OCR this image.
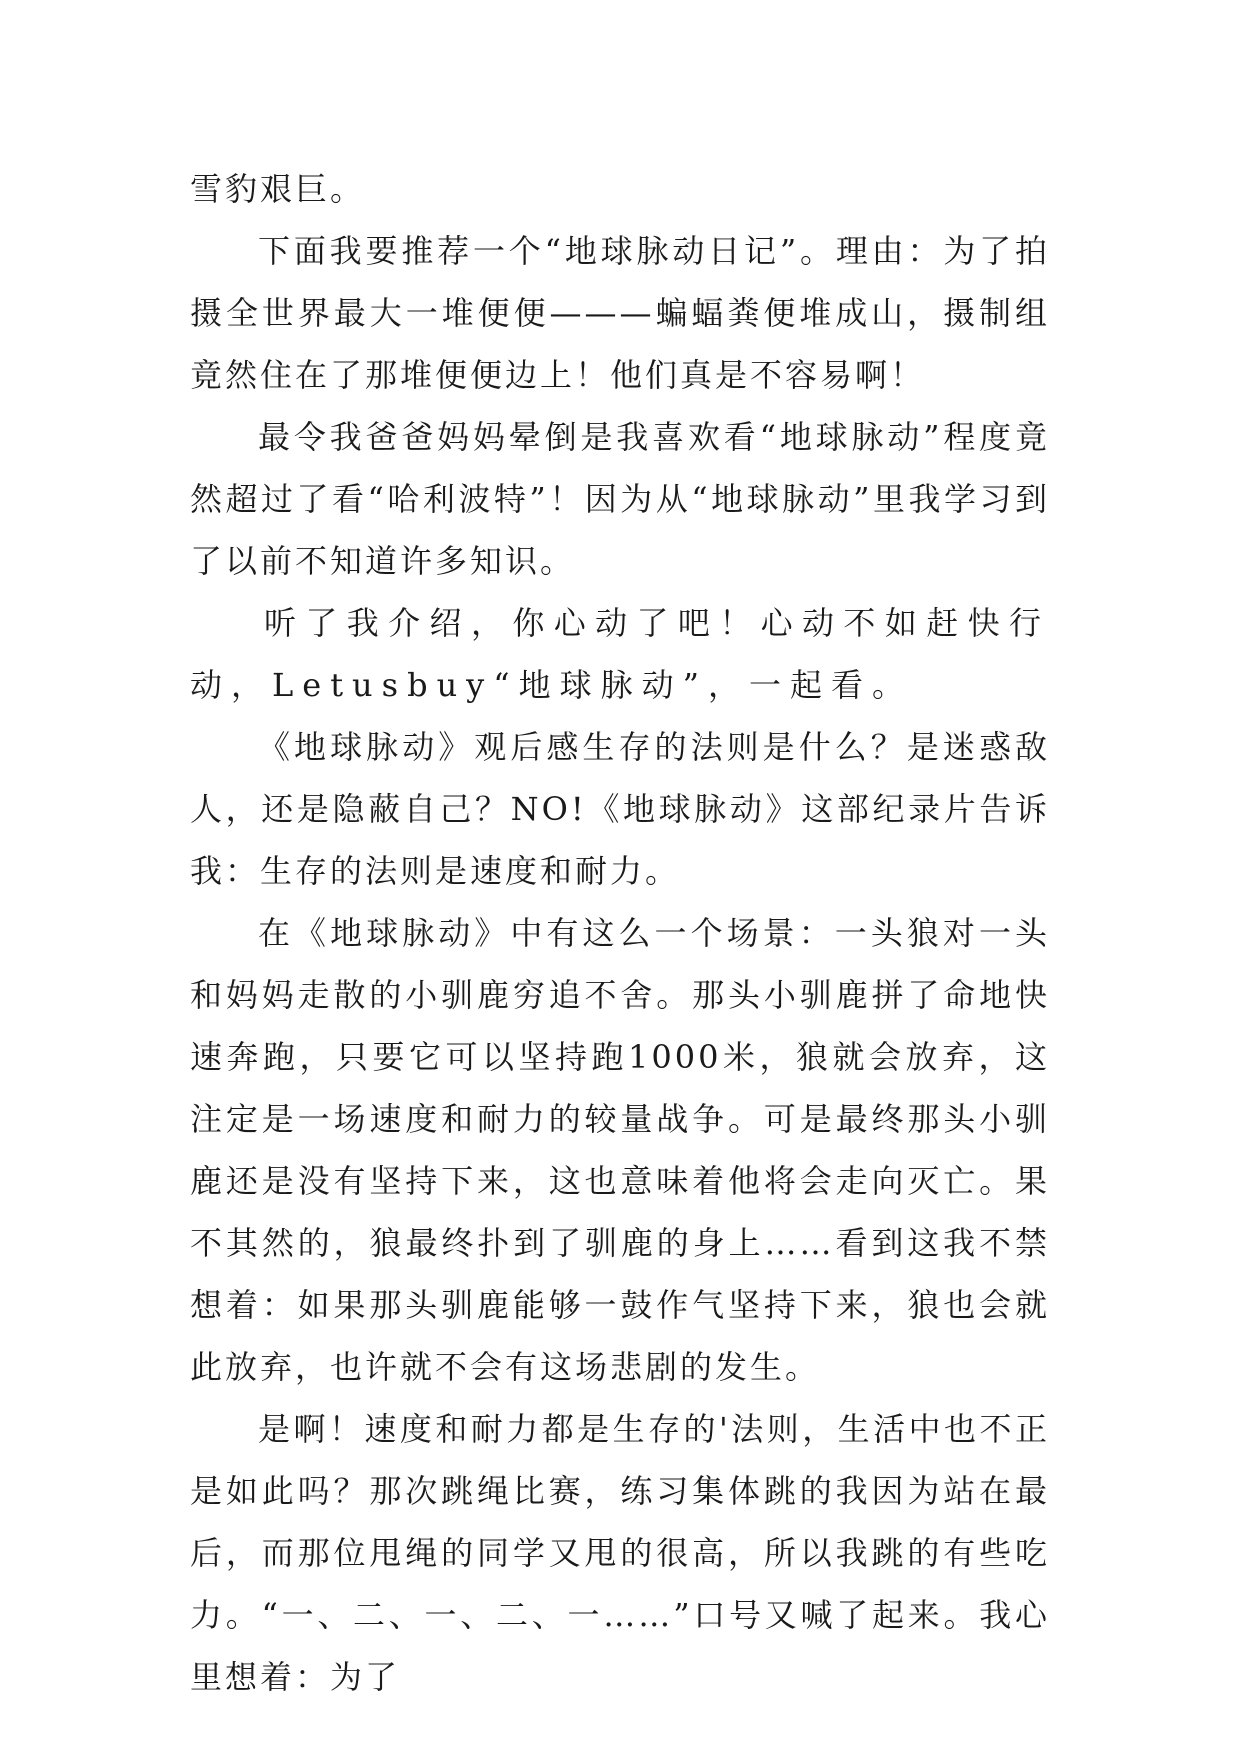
雪豹艰巨。

下面我要推荐一个“地球脉动日记”。理由：为了拍摄全世界最大一堆便便———蝙蝠粪便堆成山，摄制组竟然住在了那堆便便边上！他们真是不容易啊！

最令我爸爸妈妈晕倒是我喜欢看“地球脉动”程度竟然超过了看“哈利波特”！因为从“地球脉动”里我学习到了以前不知道许多知识。

听了我介绍，你心动了吧！心动不如赶快行动，Letusbuy“地球脉动”，一起看。

《地球脉动》观后感生存的法则是什么？是迷惑敌人，还是隐蔽自己？NO!《地球脉动》这部纪录片告诉我：生存的法则是速度和耐力。

在《地球脉动》中有这么一个场景：一头狼对一头和妈妈走散的小驯鹿穷追不舍。那头小驯鹿拼了命地快速奔跑，只要它可以坚持跑1000米，狼就会放弃，这注定是一场速度和耐力的较量战争。可是最终那头小驯鹿还是没有坚持下来，这也意味着他将会走向灭亡。果不其然的，狼最终扑到了驯鹿的身上……看到这我不禁想着：如果那头驯鹿能够一鼓作气坚持下来，狼也会就此放弃，也许就不会有这场悲剧的发生。

是啊！速度和耐力都是生存的'法则，生活中也不正是如此吗？那次跳绳比赛，练习集体跳的我因为站在最后，而那位甩绳的同学又甩的很高，所以我跳的有些吃力。“一、二、一、二、一……”口号又喊了起来。我心里想着：为了
